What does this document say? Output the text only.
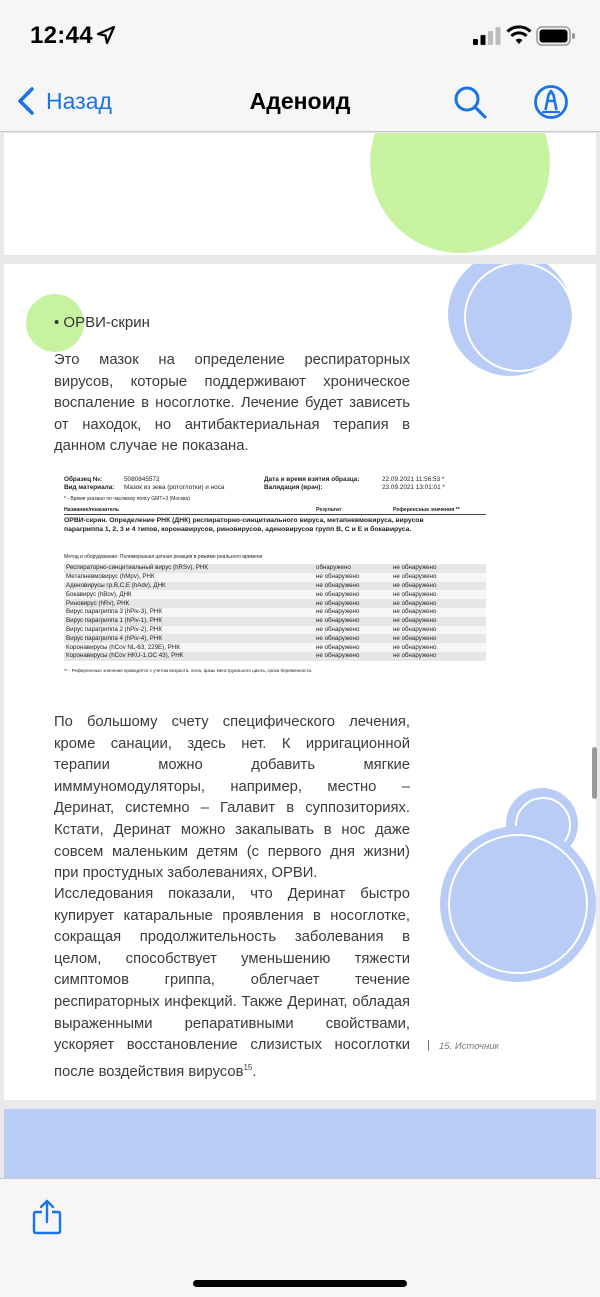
12:44
Назад	Аденоид
• ОРВИ-скрин
Это мазок на определение респираторных вирусов, которые поддерживают хроническое воспаление в носоглотке. Лечение будет зависеть от находок, но антибактериальная терапия в данном случае не показана.
Образец №:	5080845572	Дата и время взятия образца:	22.09.2021 11:56:53 *
Вид материала:	Мазок из зева (ротоглотки) и носа	Валидация (врач):	23.09.2021 13:01:01 *
* - Время указано по часовому поясу GMT+3 (Москва)
Название/показатель	Результат	Референсные значения **
ОРВИ-скрин. Определение РНК (ДНК) респираторно-синцитиального вируса, метапневмовируса, вирусов парагриппа 1, 2, 3 и 4 типов, коронавирусов, риновирусов, аденовирусов групп B, C и E и бокавируса.
Метод и оборудование: Полимеразная цепная реакция в режиме реального времени
Респираторно-синцитиальный вирус (hRSv), РНК	обнаружено	не обнаружено
Метапневмовирус (hMpv), РНК	не обнаружено	не обнаружено
Аденовирусы гр.B,C,E (hAdv), ДНК	не обнаружено	не обнаружено
Бокавирус (hBov), ДНК	не обнаружено	не обнаружено
Риновирус (hRv), РНК	не обнаружено	не обнаружено
Вирус парагриппа 3 (hPiv-3), РНК	не обнаружено	не обнаружено
Вирус парагриппа 1 (hPiv-1), РНК	не обнаружено	не обнаружено
Вирус парагриппа 2 (hPiv-2), РНК	не обнаружено	не обнаружено
Вирус парагриппа 4 (hPiv-4), РНК	не обнаружено	не обнаружено
Коронавирусы (hCov NL-63, 229E), РНК	не обнаружено	не обнаружено
Коронавирусы (hCov HKU-1,OC 43), РНК	не обнаружено	не обнаружено
** - Референсные значения приводятся с учетом возраста, пола, фазы менструального цикла, срока беременности.
По большому счету специфического лечения, кроме санации, здесь нет. К ирригационной терапии можно добавить мягкие имммуномодуляторы, например, местно – Деринат, системно – Галавит в суппозиториях. Кстати, Деринат можно закапывать в нос даже совсем маленьким детям (с первого дня жизни) при простудных заболеваниях, ОРВИ.
Исследования показали, что Деринат быстро купирует катаральные проявления в носоглотке, сокращая продолжительность заболевания в целом, способствует уменьшению тяжести симптомов гриппа, облегчает течение респираторных инфекций. Также Деринат, обладая выраженными репаративными свойствами, ускоряет восстановление слизистых носоглотки после воздействия вирусов$^{15}$.
15. Источник
